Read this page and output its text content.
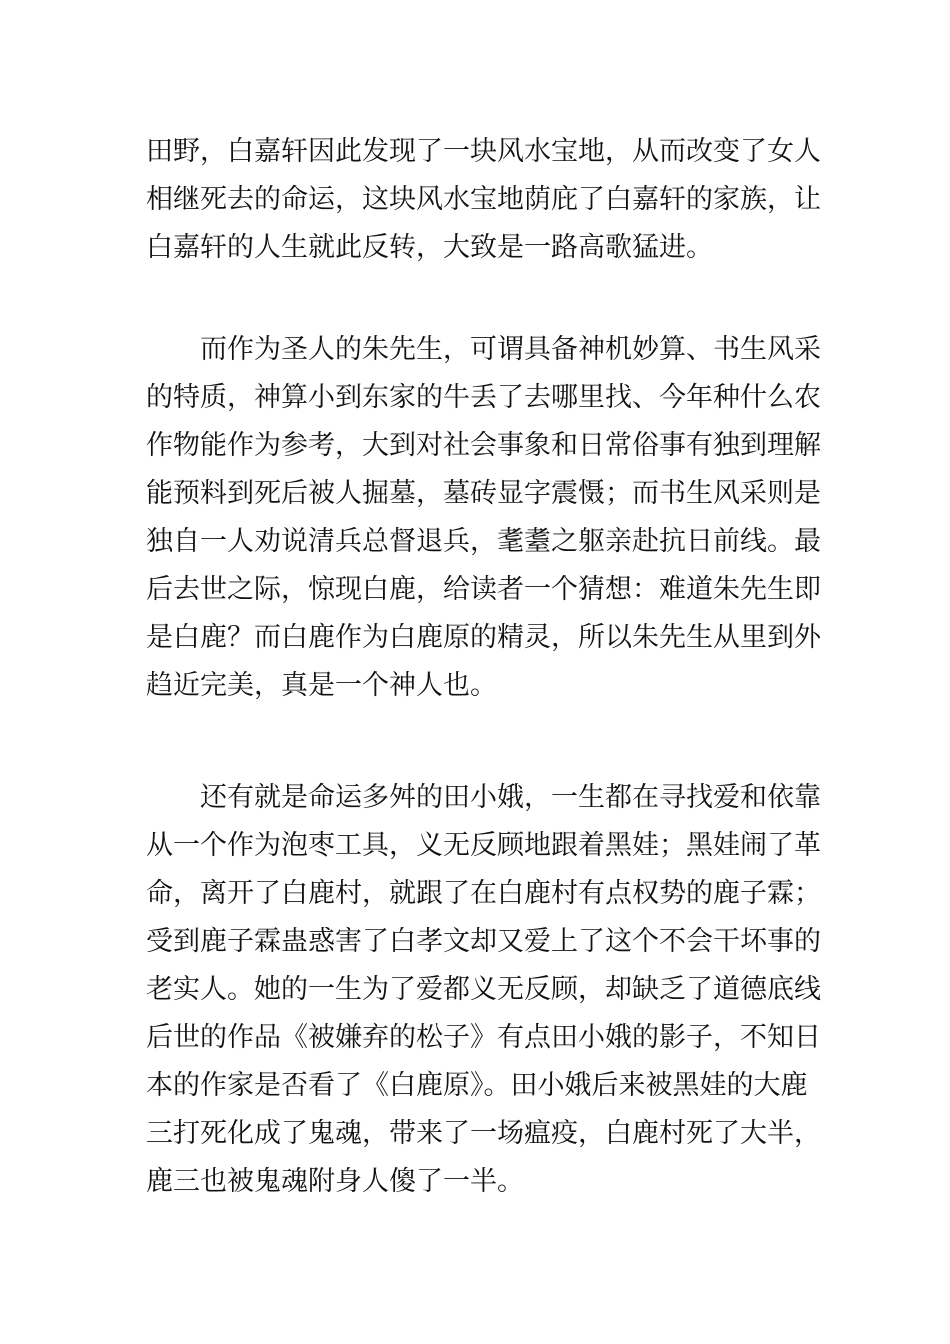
田野，白嘉轩因此发现了一块风水宝地，从而改变了女人

相继死去的命运，这块风水宝地荫庇了白嘉轩的家族，让

白嘉轩的人生就此反转，大致是一路高歌猛进。

而作为圣人的朱先生，可谓具备神机妙算、书生风采

的特质，神算小到东家的牛丢了去哪里找、今年种什么农

作物能作为参考，大到对社会事象和日常俗事有独到理解

能预料到死后被人掘墓，墓砖显字震慑；而书生风采则是

独自一人劝说清兵总督退兵，耄耋之躯亲赴抗日前线。最

后去世之际，惊现白鹿，给读者一个猜想：难道朱先生即

是白鹿？而白鹿作为白鹿原的精灵，所以朱先生从里到外

趋近完美，真是一个神人也。

还有就是命运多舛的田小娥，一生都在寻找爱和依靠

从一个作为泡枣工具，义无反顾地跟着黑娃；黑娃闹了革

命，离开了白鹿村，就跟了在白鹿村有点权势的鹿子霖；

受到鹿子霖蛊惑害了白孝文却又爱上了这个不会干坏事的

老实人。她的一生为了爱都义无反顾，却缺乏了道德底线

后世的作品《被嫌弃的松子》有点田小娥的影子，不知日

本的作家是否看了《白鹿原》。田小娥后来被黑娃的大鹿

三打死化成了鬼魂，带来了一场瘟疫，白鹿村死了大半，

鹿三也被鬼魂附身人傻了一半。
